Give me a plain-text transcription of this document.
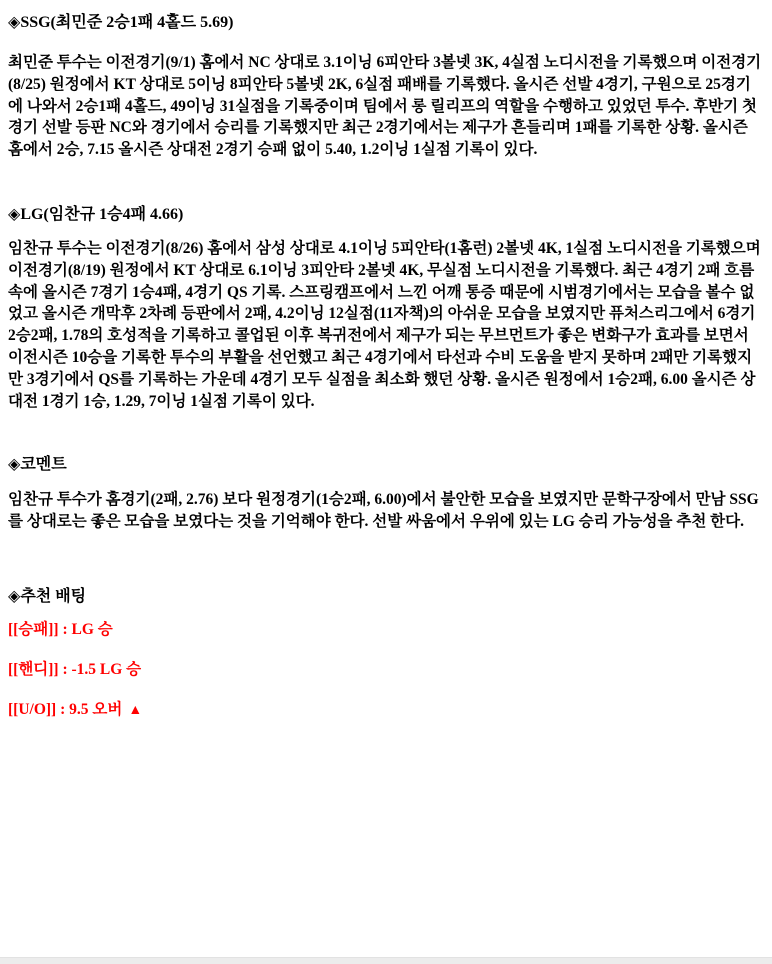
◈SSG(최민준 2승1패 4홀드 5.69)

최민준 투수는 이전경기(9/1) 홈에서 NC 상대로 3.1이닝 6피안타 3볼넷 3K, 4실점 노디시전을 기록했으며 이전경기(8/25) 원정에서 KT 상대로 5이닝 8피안타 5볼넷 2K, 6실점 패배를 기록했다. 올시즌 선발 4경기, 구원으로 25경기에 나와서 2승1패 4홀드, 49이닝 31실점을 기록중이며 팀에서 롱 릴리프의 역할을 수행하고 있었던 투수. 후반기 첫 경기 선발 등판 NC와 경기에서 승리를 기록했지만 최근 2경기에서는 제구가 흔들리며 1패를 기록한 상황. 올시즌 홈에서 2승, 7.15 올시즌 상대전 2경기 승패 없이 5.40, 1.2이닝 1실점 기록이 있다.

◈LG(임찬규 1승4패 4.66)

임찬규 투수는 이전경기(8/26) 홈에서 삼성 상대로 4.1이닝 5피안타(1홈런) 2볼넷 4K, 1실점 노디시전을 기록했으며 이전경기(8/19) 원정에서 KT 상대로 6.1이닝 3피안타 2볼넷 4K, 무실점 노디시전을 기록했다. 최근 4경기 2패 흐름 속에 올시즌 7경기 1승4패, 4경기 QS 기록. 스프링캠프에서 느낀 어깨 통증 때문에 시범경기에서는 모습을 볼수 없었고 올시즌 개막후 2차례 등판에서 2패, 4.2이닝 12실점(11자책)의 아쉬운 모습을 보였지만 퓨처스리그에서 6경기 2승2패, 1.78의 호성적을 기록하고 콜업된 이후 복귀전에서 제구가 되는 무브먼트가 좋은 변화구가 효과를 보면서 이전시즌 10승을 기록한 투수의 부활을 선언했고 최근 4경기에서 타선과 수비 도움을 받지 못하며 2패만 기록했지만 3경기에서 QS를 기록하는 가운데 4경기 모두 실점을 최소화 했던 상황. 올시즌 원정에서 1승2패, 6.00 올시즌 상대전 1경기 1승, 1.29, 7이닝 1실점 기록이 있다.

◈코멘트

임찬규 투수가 홈경기(2패, 2.76) 보다 원정경기(1승2패, 6.00)에서 불안한 모습을 보였지만 문학구장에서 만남 SSG를 상대로는 좋은 모습을 보였다는 것을 기억해야 한다. 선발 싸움에서 우위에 있는 LG 승리 가능성을 추천 한다.

◈추천 배팅
[[승패]] : LG 승
[[핸디]] : -1.5 LG 승
[[U/O]] : 9.5 오버 ▲
